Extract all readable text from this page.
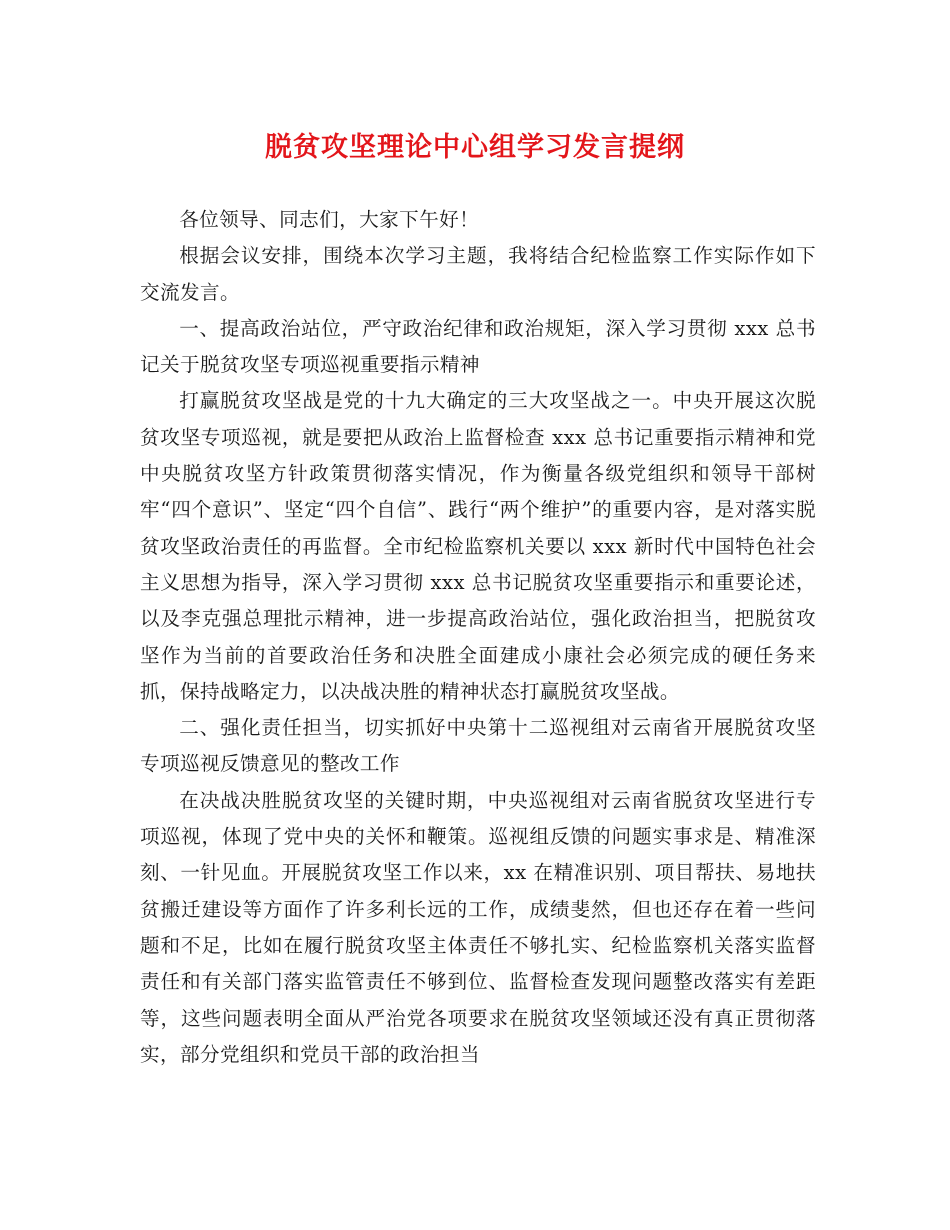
脱贫攻坚理论中心组学习发言提纲

各位领导、同志们，大家下午好！

根据会议安排，围绕本次学习主题，我将结合纪检监察工作实际作如下交流发言。

一、提高政治站位，严守政治纪律和政治规矩，深入学习贯彻 xxx 总书记关于脱贫攻坚专项巡视重要指示精神

打赢脱贫攻坚战是党的十九大确定的三大攻坚战之一。中央开展这次脱贫攻坚专项巡视，就是要把从政治上监督检查 xxx 总书记重要指示精神和党中央脱贫攻坚方针政策贯彻落实情况，作为衡量各级党组织和领导干部树牢“四个意识”、坚定“四个自信”、践行“两个维护”的重要内容，是对落实脱贫攻坚政治责任的再监督。全市纪检监察机关要以 xxx 新时代中国特色社会主义思想为指导，深入学习贯彻 xxx 总书记脱贫攻坚重要指示和重要论述，以及李克强总理批示精神，进一步提高政治站位，强化政治担当，把脱贫攻坚作为当前的首要政治任务和决胜全面建成小康社会必须完成的硬任务来抓，保持战略定力，以决战决胜的精神状态打赢脱贫攻坚战。

二、强化责任担当，切实抓好中央第十二巡视组对云南省开展脱贫攻坚专项巡视反馈意见的整改工作

在决战决胜脱贫攻坚的关键时期，中央巡视组对云南省脱贫攻坚进行专项巡视，体现了党中央的关怀和鞭策。巡视组反馈的问题实事求是、精准深刻、一针见血。开展脱贫攻坚工作以来，xx 在精准识别、项目帮扶、易地扶贫搬迁建设等方面作了许多利长远的工作，成绩斐然，但也还存在着一些问题和不足，比如在履行脱贫攻坚主体责任不够扎实、纪检监察机关落实监督责任和有关部门落实监管责任不够到位、监督检查发现问题整改落实有差距等，这些问题表明全面从严治党各项要求在脱贫攻坚领域还没有真正贯彻落实，部分党组织和党员干部的政治担当
